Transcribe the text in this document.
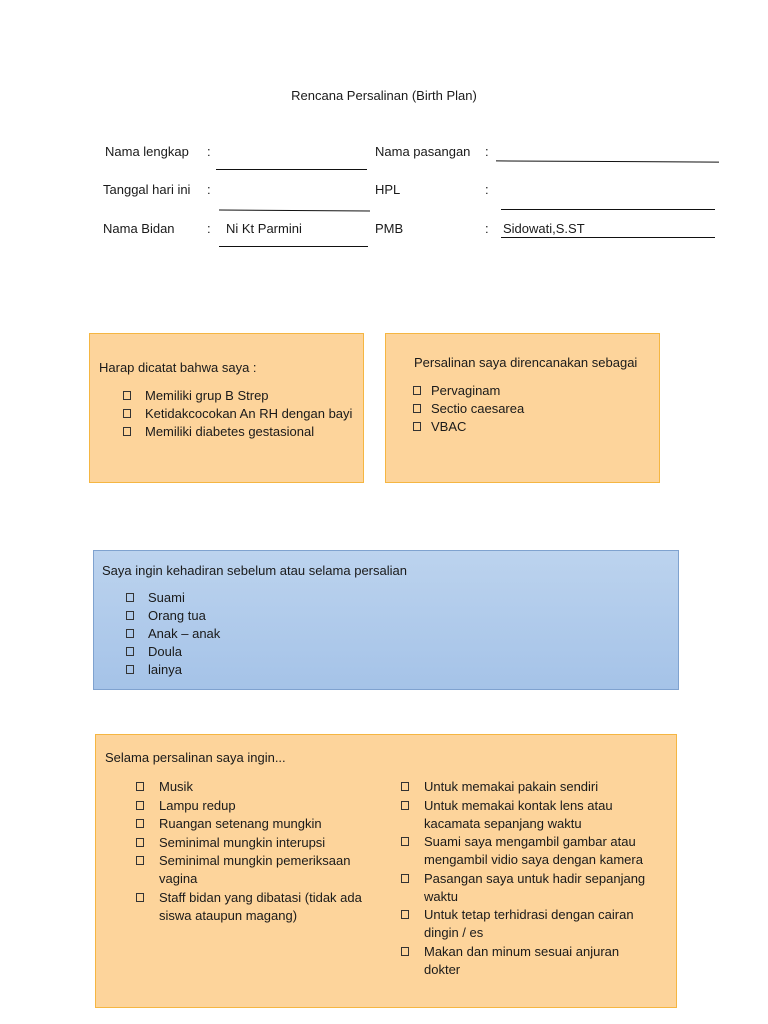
Rencana Persalinan (Birth Plan)
Nama lengkap :
Tanggal hari ini :
Nama Bidan : Ni Kt Parmini
Nama pasangan :
HPL	:
PMB	: Sidowati,S.ST
Harap dicatat bahwa saya :
Memiliki grup B Strep
Ketidakcocokan An RH dengan bayi
Memiliki diabetes gestasional
Persalinan saya direncanakan sebagai
Pervaginam
Sectio caesarea
VBAC
Saya ingin kehadiran sebelum atau selama persalian
Suami
Orang tua
Anak – anak
Doula
lainya
Selama persalinan saya ingin...
Musik
Lampu redup
Ruangan setenang mungkin
Seminimal mungkin interupsi
Seminimal mungkin pemeriksaan vagina
Staff bidan yang dibatasi (tidak ada siswa ataupun magang)
Untuk memakai pakain sendiri
Untuk memakai kontak lens atau kacamata sepanjang waktu
Suami saya mengambil gambar atau mengambil vidio saya dengan kamera
Pasangan saya untuk hadir sepanjang waktu
Untuk tetap terhidrasi dengan cairan dingin / es
Makan dan minum sesuai anjuran dokter
